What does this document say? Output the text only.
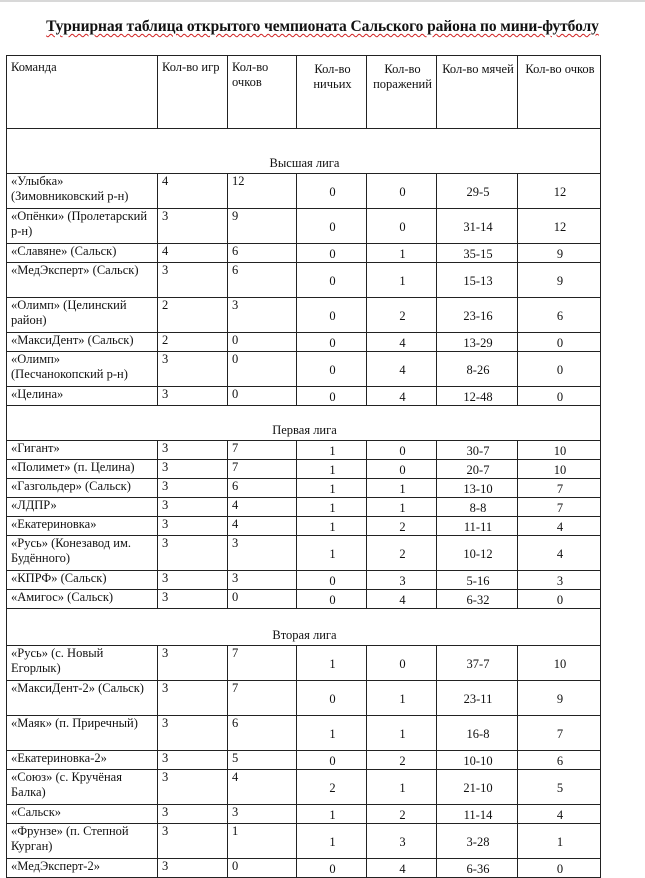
Турнирная таблица открытого чемпионата Сальского района по мини-футболу
Команда	Кол-во игр	Кол-во очков	Кол-во ничьих	Кол-во поражений	Кол-во мячей	Кол-во очков
Высшая лига						
«Улыбка» (Зимовниковский р-н)	4	12	0	0	29-5	12
«Опёнки» (Пролетарский р-н)	3	9	0	0	31-14	12
«Славяне» (Сальск)	4	6	0	1	35-15	9
«МедЭксперт» (Сальск)	3	6	0	1	15-13	9
«Олимп» (Целинский район)	2	3	0	2	23-16	6
«МаксиДент» (Сальск)	2	0	0	4	13-29	0
«Олимп» (Песчанокопский р-н)	3	0	0	4	8-26	0
«Целина»	3	0	0	4	12-48	0
Первая лига						
«Гигант»	3	7	1	0	30-7	10
«Полимет» (п. Целина)	3	7	1	0	20-7	10
«Газгольдер» (Сальск)	3	6	1	1	13-10	7
«ЛДПР»	3	4	1	1	8-8	7
«Екатериновка»	3	4	1	2	11-11	4
«Русь» (Конезавод им. Будённого)	3	3	1	2	10-12	4
«КПРФ» (Сальск)	3	3	0	3	5-16	3
«Амигос» (Сальск)	3	0	0	4	6-32	0
Вторая лига						
«Русь» (с. Новый Егорлык)	3	7	1	0	37-7	10
«МаксиДент-2» (Сальск)	3	7	0	1	23-11	9
«Маяк» (п. Приречный)	3	6	1	1	16-8	7
«Екатериновка-2»	3	5	0	2	10-10	6
«Союз» (с. Кручёная Балка)	3	4	2	1	21-10	5
«Сальск»	3	3	1	2	11-14	4
«Фрунзе» (п. Степной Курган)	3	1	1	3	3-28	1
«МедЭксперт-2»	3	0	0	4	6-36	0
